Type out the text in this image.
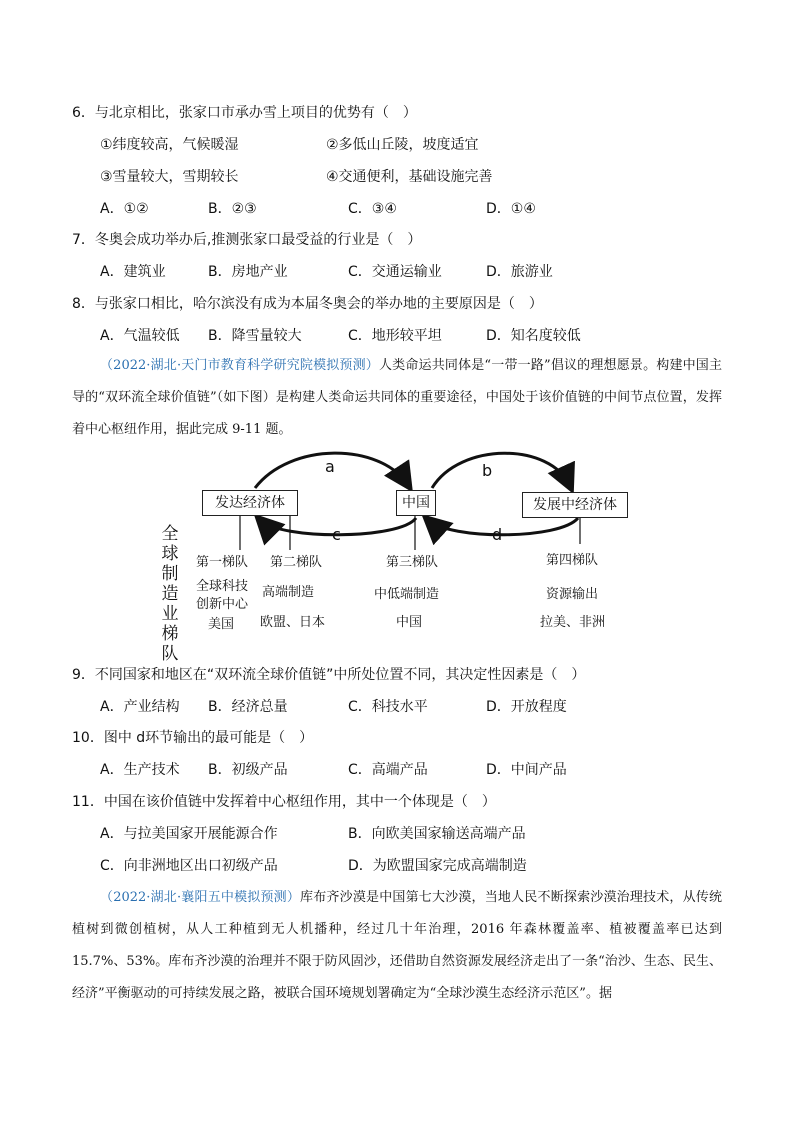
6．与北京相比，张家口市承办雪上项目的优势有（　）
①纬度较高，气候暖湿	②多低山丘陵，坡度适宜
③雪量较大，雪期较长	④交通便利，基础设施完善
A．①②	B．②③	C．③④	D．①④
7．冬奥会成功举办后,推测张家口最受益的行业是（　）
A．建筑业	B．房地产业	C．交通运输业	D．旅游业
8．与张家口相比，哈尔滨没有成为本届冬奥会的举办地的主要原因是（　）
A．气温较低 B．降雪量较大	C．地形较平坦	D．知名度较低
（2022·湖北·天门市教育科学研究院模拟预测）人类命运共同体是“一带一路”倡议的理想愿景。构建中国主导的“双环流全球价值链”（如下图）是构建人类命运共同体的重要途径，中国处于该价值链的中间节点位置，发挥着中心枢纽作用，据此完成 9-11 题。
发达经济体	中国	发展中经济体
a	b
c	d
全
球
制
造
业
梯
队
第一梯队
全球科技
创新中心
美国
第二梯队
高端制造
欧盟、日本
第三梯队
中低端制造
中国
第四梯队
资源输出
拉美、非洲
9．不同国家和地区在“双环流全球价值链”中所处位置不同，其决定性因素是（　）
A．产业结构 B．经济总量	C．科技水平	D．开放程度
10．图中 d环节输出的最可能是（　）
A．生产技术 B．初级产品	C．高端产品	D．中间产品
11．中国在该价值链中发挥着中心枢纽作用，其中一个体现是（　）
A．与拉美国家开展能源合作	B．向欧美国家输送高端产品
C．向非洲地区出口初级产品	D．为欧盟国家完成高端制造
（2022·湖北·襄阳五中模拟预测）库布齐沙漠是中国第七大沙漠，当地人民不断探索沙漠治理技术，从传统植树到微创植树，从人工种植到无人机播种，经过几十年治理，2016 年森林覆盖率、植被覆盖率已达到 15.7%、53%。库布齐沙漠的治理并不限于防风固沙，还借助自然资源发展经济走出了一条“治沙、生态、民生、经济”平衡驱动的可持续发展之路，被联合国环境规划署确定为“全球沙漠生态经济示范区”。据
